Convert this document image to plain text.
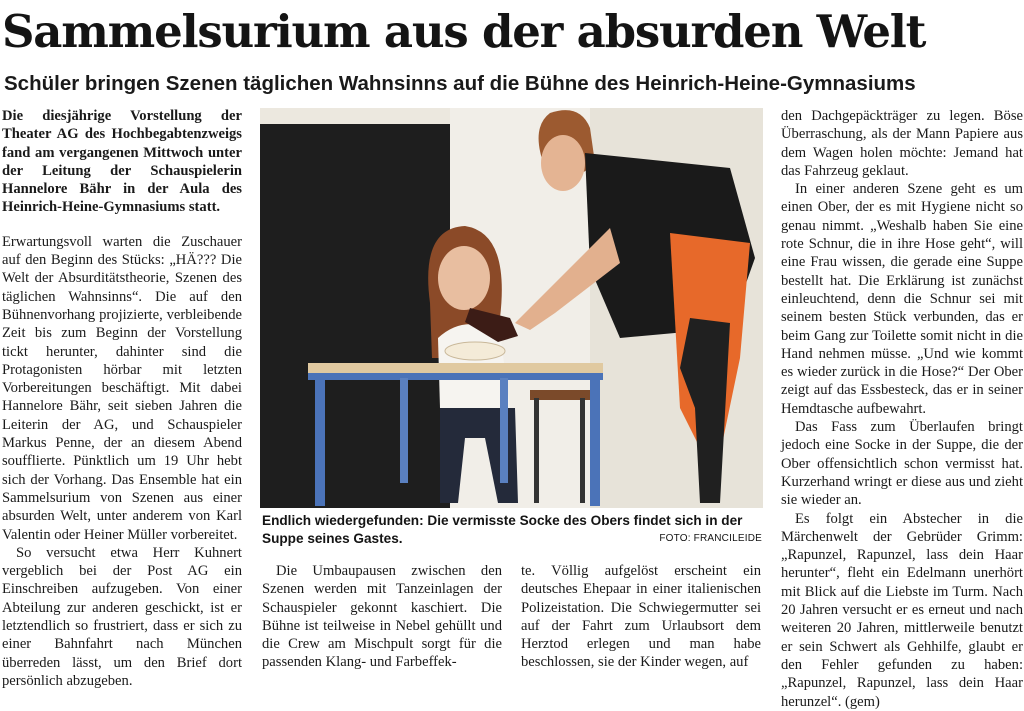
Sammelsurium aus der absurden Welt
Schüler bringen Szenen täglichen Wahnsinns auf die Bühne des Heinrich-Heine-Gymnasiums

Die diesjährige Vorstellung der Theater AG des Hochbegabtenzweigs fand am vergangenen Mittwoch unter der Leitung der Schauspielerin Hannelore Bähr in der Aula des Heinrich-Heine-Gymnasiums statt.

Erwartungsvoll warten die Zuschauer auf den Beginn des Stücks: „HÄ??? Die Welt der Absurditätstheorie, Szenen des täglichen Wahnsinns“. Die auf den Bühnenvorhang projizierte, verbleibende Zeit bis zum Beginn der Vorstellung tickt herunter, dahinter sind die Protagonisten hörbar mit letzten Vorbereitungen beschäftigt. Mit dabei Hannelore Bähr, seit sieben Jahren die Leiterin der AG, und Schauspieler Markus Penne, der an diesem Abend soufflierte. Pünktlich um 19 Uhr hebt sich der Vorhang. Das Ensemble hat ein Sammelsurium von Szenen aus einer absurden Welt, unter anderem von Karl Valentin oder Heiner Müller vorbereitet.

So versucht etwa Herr Kuhnert vergeblich bei der Post AG ein Einschreiben aufzugeben. Von einer Abteilung zur anderen geschickt, ist er letztendlich so frustriert, dass er sich zu einer Bahnfahrt nach München überreden lässt, um den Brief dort persönlich abzugeben.

Endlich wiedergefunden: Die vermisste Socke des Obers findet sich in der Suppe seines Gastes.	FOTO: FRANCILEIDE

Die Umbaupausen zwischen den Szenen werden mit Tanzeinlagen der Schauspieler gekonnt kaschiert. Die Bühne ist teilweise in Nebel gehüllt und die Crew am Mischpult sorgt für die passenden Klang- und Farbeffek-

te. Völlig aufgelöst erscheint ein deutsches Ehepaar in einer italienischen Polizeistation. Die Schwiegermutter sei auf der Fahrt zum Urlaubsort dem Herztod erlegen und man habe beschlossen, sie der Kinder wegen, auf

den Dachgepäckträger zu legen. Böse Überraschung, als der Mann Papiere aus dem Wagen holen möchte: Jemand hat das Fahrzeug geklaut.

In einer anderen Szene geht es um einen Ober, der es mit Hygiene nicht so genau nimmt. „Weshalb haben Sie eine rote Schnur, die in ihre Hose geht“, will eine Frau wissen, die gerade eine Suppe bestellt hat. Die Erklärung ist zunächst einleuchtend, denn die Schnur sei mit seinem besten Stück verbunden, das er beim Gang zur Toilette somit nicht in die Hand nehmen müsse. „Und wie kommt es wieder zurück in die Hose?“ Der Ober zeigt auf das Essbesteck, das er in seiner Hemdtasche aufbewahrt.

Das Fass zum Überlaufen bringt jedoch eine Socke in der Suppe, die der Ober offensichtlich schon vermisst hat. Kurzerhand wringt er diese aus und zieht sie wieder an.

Es folgt ein Abstecher in die Märchenwelt der Gebrüder Grimm: „Rapunzel, Rapunzel, lass dein Haar herunter“, fleht ein Edelmann unerhört mit Blick auf die Liebste im Turm. Nach 20 Jahren versucht er es erneut und nach weiteren 20 Jahren, mittlerweile benutzt er sein Schwert als Gehhilfe, glaubt er den Fehler gefunden zu haben: „Rapunzel, Rapunzel, lass dein Haar herunzel“. (gem)
